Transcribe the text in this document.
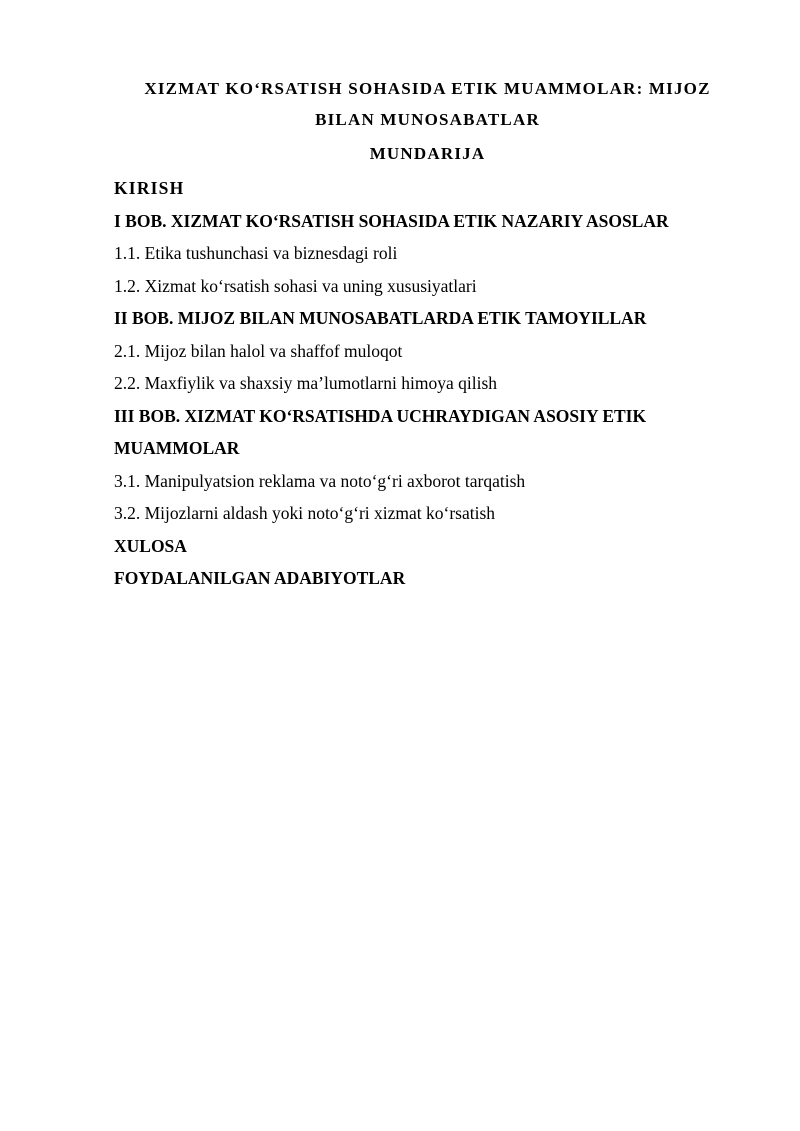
XIZMAT KO‘RSATISH SOHASIDA ETIK MUAMMOLAR: MIJOZ
BILAN MUNOSABATLAR
MUNDARIJA
KIRISH
I BOB. XIZMAT KO‘RSATISH SOHASIDA ETIK NAZARIY ASOSLAR
1.1. Etika tushunchasi va biznesdagi roli
1.2. Xizmat ko‘rsatish sohasi va uning xususiyatlari
II BOB. MIJOZ BILAN MUNOSABATLARDA ETIK TAMOYILLAR
2.1. Mijoz bilan halol va shaffof muloqot
2.2. Maxfiylik va shaxsiy ma’lumotlarni himoya qilish
III BOB. XIZMAT KO‘RSATISHDA UCHRAYDIGAN ASOSIY ETIK
MUAMMOLAR
3.1. Manipulyatsion reklama va noto‘g‘ri axborot tarqatish
3.2. Mijozlarni aldash yoki noto‘g‘ri xizmat ko‘rsatish
XULOSA
FOYDALANILGAN ADABIYOTLAR
